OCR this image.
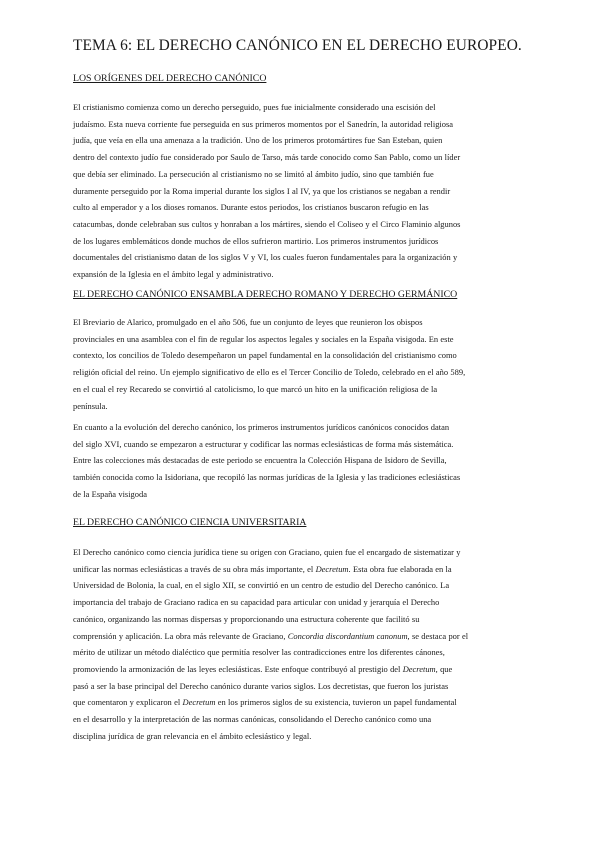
TEMA 6: EL DERECHO CANÓNICO EN EL DERECHO EUROPEO.
LOS ORÍGENES DEL DERECHO CANÓNICO
El cristianismo comienza como un derecho perseguido, pues fue inicialmente considerado una escisión del
judaísmo. Esta nueva corriente fue perseguida en sus primeros momentos por el Sanedrín, la autoridad religiosa
judía, que veía en ella una amenaza a la tradición. Uno de los primeros protomártires fue San Esteban, quien
dentro del contexto judío fue considerado por Saulo de Tarso, más tarde conocido como San Pablo, como un líder
que debía ser eliminado. La persecución al cristianismo no se limitó al ámbito judío, sino que también fue
duramente perseguido por la Roma imperial durante los siglos I al IV, ya que los cristianos se negaban a rendir
culto al emperador y a los dioses romanos. Durante estos periodos, los cristianos buscaron refugio en las
catacumbas, donde celebraban sus cultos y honraban a los mártires, siendo el Coliseo y el Circo Flaminio algunos
de los lugares emblemáticos donde muchos de ellos sufrieron martirio. Los primeros instrumentos jurídicos
documentales del cristianismo datan de los siglos V y VI, los cuales fueron fundamentales para la organización y
expansión de la Iglesia en el ámbito legal y administrativo.
EL DERECHO CANÓNICO ENSAMBLA DERECHO ROMANO Y DERECHO GERMÁNICO
El Breviario de Alarico, promulgado en el año 506, fue un conjunto de leyes que reunieron los obispos
provinciales en una asamblea con el fin de regular los aspectos legales y sociales en la España visigoda. En este
contexto, los concilios de Toledo desempeñaron un papel fundamental en la consolidación del cristianismo como
religión oficial del reino. Un ejemplo significativo de ello es el Tercer Concilio de Toledo, celebrado en el año 589,
en el cual el rey Recaredo se convirtió al catolicismo, lo que marcó un hito en la unificación religiosa de la
península.
En cuanto a la evolución del derecho canónico, los primeros instrumentos jurídicos canónicos conocidos datan
del siglo XVI, cuando se empezaron a estructurar y codificar las normas eclesiásticas de forma más sistemática.
Entre las colecciones más destacadas de este periodo se encuentra la Colección Hispana de Isidoro de Sevilla,
también conocida como la Isidoriana, que recopiló las normas jurídicas de la Iglesia y las tradiciones eclesiásticas
de la España visigoda
EL DERECHO CANÓNICO CIENCIA UNIVERSITARIA
El Derecho canónico como ciencia jurídica tiene su origen con Graciano, quien fue el encargado de sistematizar y
unificar las normas eclesiásticas a través de su obra más importante, el Decretum. Esta obra fue elaborada en la
Universidad de Bolonia, la cual, en el siglo XII, se convirtió en un centro de estudio del Derecho canónico. La
importancia del trabajo de Graciano radica en su capacidad para articular con unidad y jerarquía el Derecho
canónico, organizando las normas dispersas y proporcionando una estructura coherente que facilitó su
comprensión y aplicación. La obra más relevante de Graciano, Concordia discordantium canonum, se destaca por el
mérito de utilizar un método dialéctico que permitía resolver las contradicciones entre los diferentes cánones,
promoviendo la armonización de las leyes eclesiásticas. Este enfoque contribuyó al prestigio del Decretum, que
pasó a ser la base principal del Derecho canónico durante varios siglos. Los decretistas, que fueron los juristas
que comentaron y explicaron el Decretum en los primeros siglos de su existencia, tuvieron un papel fundamental
en el desarrollo y la interpretación de las normas canónicas, consolidando el Derecho canónico como una
disciplina jurídica de gran relevancia en el ámbito eclesiástico y legal.
